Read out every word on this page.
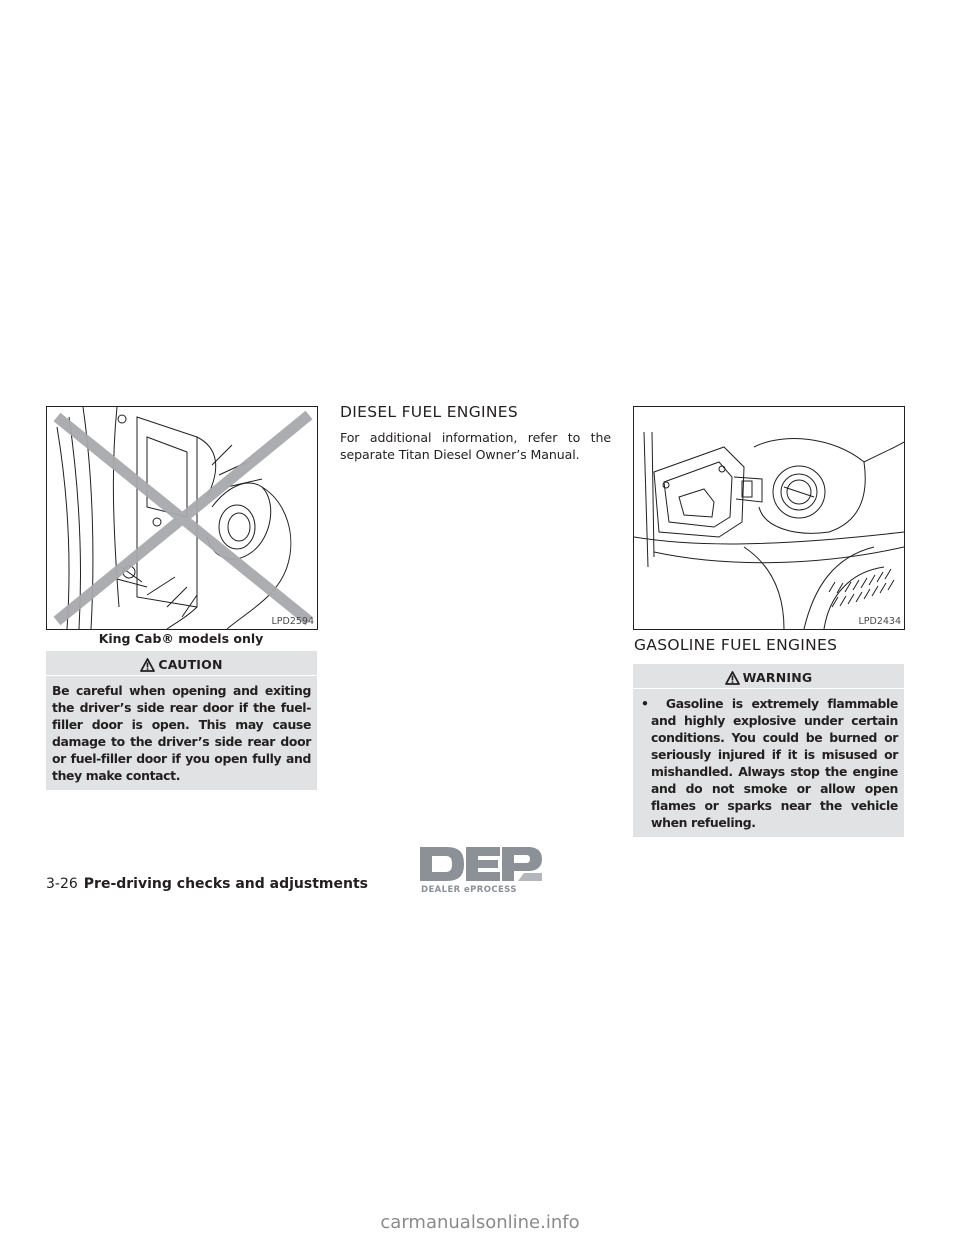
LPD2594
King Cab® models only
CAUTION
Be careful when opening and exiting the driver’s side rear door if the fuel-filler door is open. This may cause damage to the driver’s side rear door or fuel-filler door if you open fully and they make contact.
DIESEL FUEL ENGINES

For additional information, refer to the separate Titan Diesel Owner’s Manual.

LPD2434
GASOLINE FUEL ENGINES
WARNING
• Gasoline is extremely flammable and highly explosive under certain conditions. You could be burned or seriously injured if it is misused or mishandled. Always stop the engine and do not smoke or allow open flames or sparks near the vehicle when refueling.
DEALER ePROCESS
3-26 Pre-driving checks and adjustments
carmanualsonline.info
